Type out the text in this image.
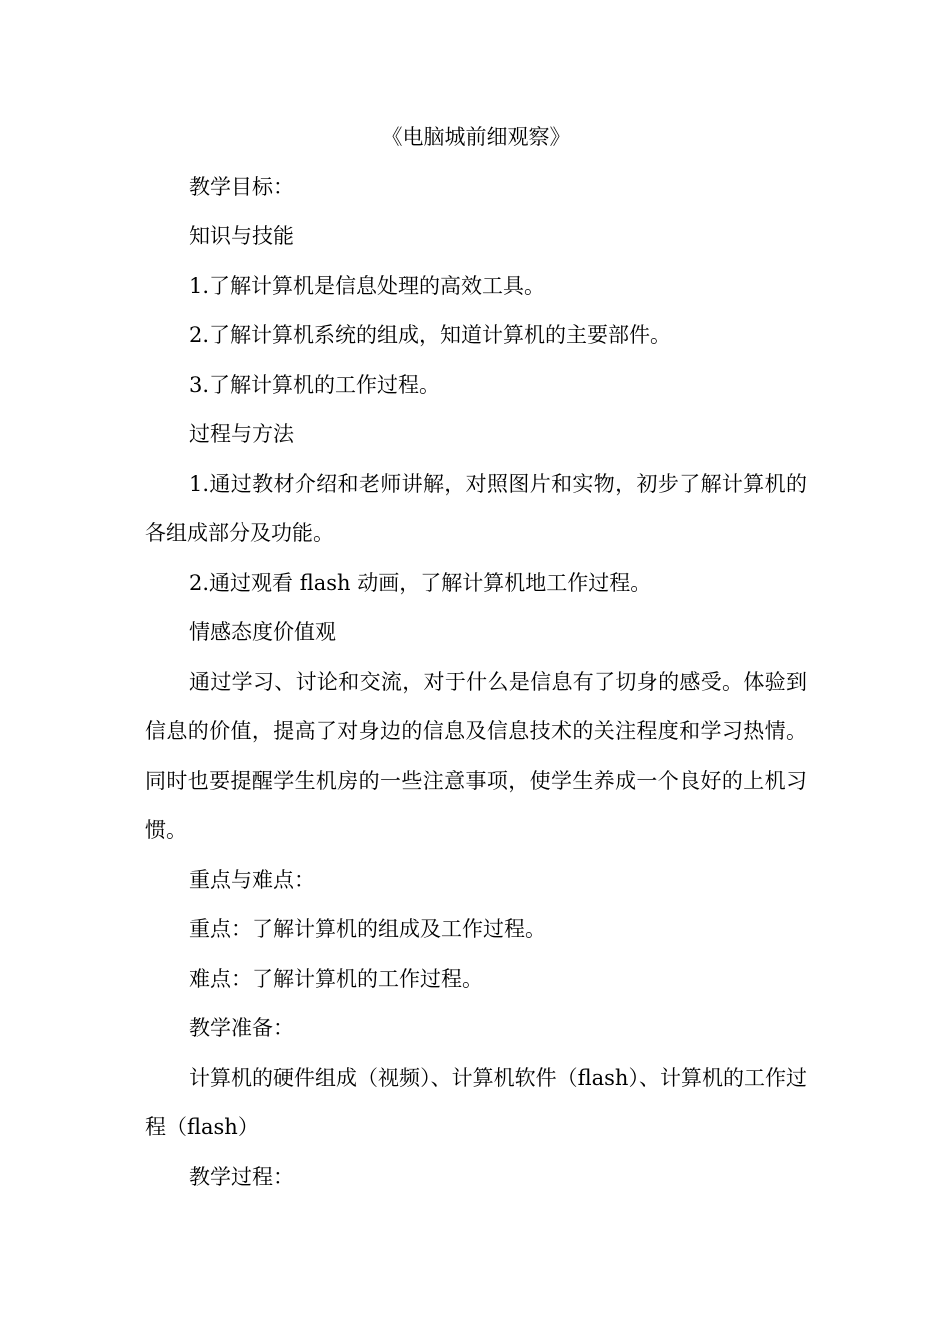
《电脑城前细观察》

教学目标：

知识与技能

1.了解计算机是信息处理的高效工具。

2.了解计算机系统的组成，知道计算机的主要部件。

3.了解计算机的工作过程。

过程与方法

1.通过教材介绍和老师讲解，对照图片和实物，初步了解计算机的各组成部分及功能。

2.通过观看 flash 动画，了解计算机地工作过程。

情感态度价值观

通过学习、讨论和交流，对于什么是信息有了切身的感受。体验到信息的价值，提高了对身边的信息及信息技术的关注程度和学习热情。同时也要提醒学生机房的一些注意事项，使学生养成一个良好的上机习惯。

重点与难点：

重点：了解计算机的组成及工作过程。

难点：了解计算机的工作过程。

教学准备：

计算机的硬件组成（视频）、计算机软件（flash）、计算机的工作过程（flash）

教学过程：
